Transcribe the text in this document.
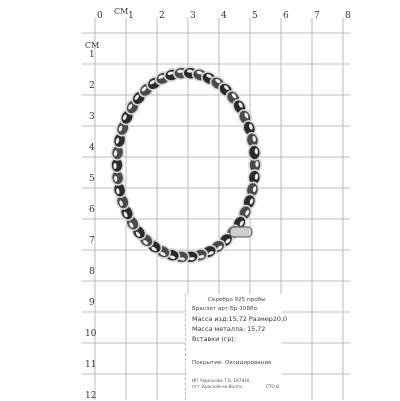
CM
CM
0	1	2	3	4	5	6	7	8
1
2
3
4
5
6
7
8
9
10
11
12
Серебро 925 пробы
Браслет арт.Бр-1086о
Масса изд:15,72 Размер20,0
Масса металла: 15,72
Вставки (гр):
Покрытие: Оксидирование
ИП Черкасова Т.В, 187840,
пгт. Красная-на-Волге,	СТО 8
